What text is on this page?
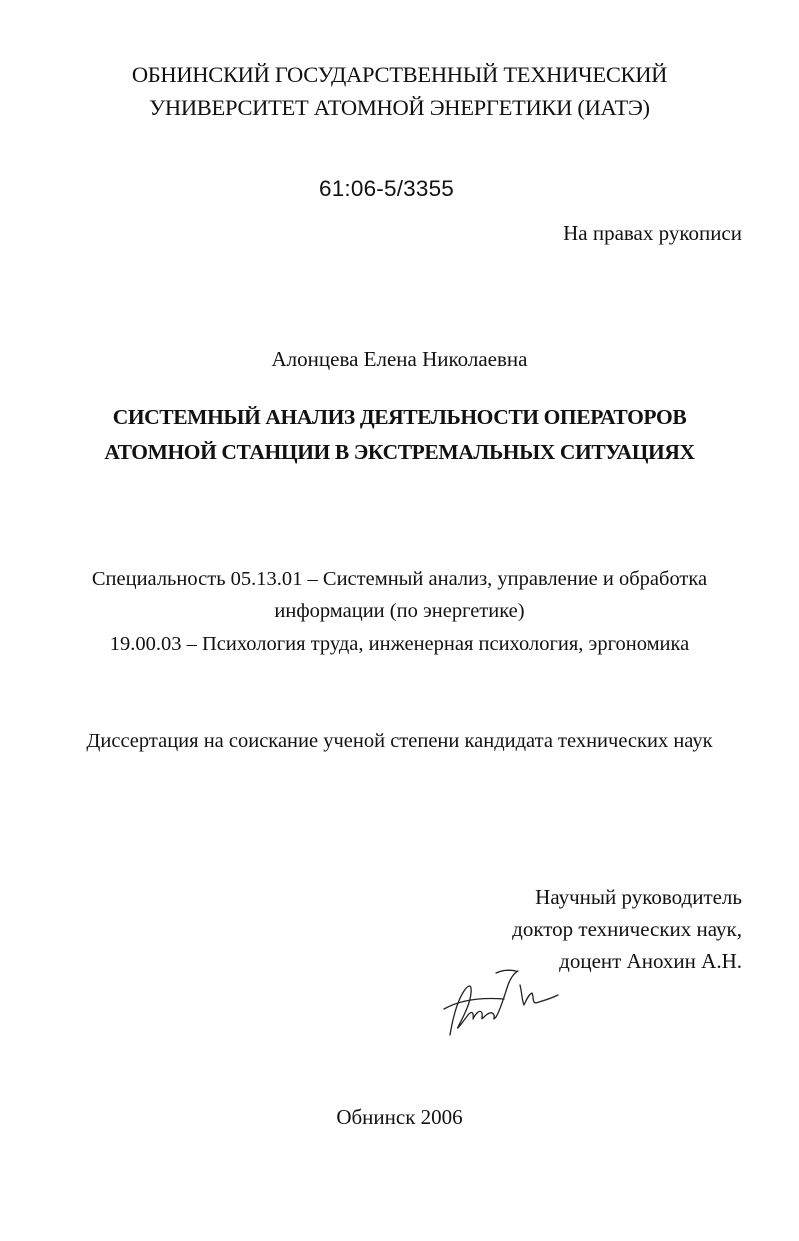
ОБНИНСКИЙ ГОСУДАРСТВЕННЫЙ ТЕХНИЧЕСКИЙ
УНИВЕРСИТЕТ АТОМНОЙ ЭНЕРГЕТИКИ (ИАТЭ)
61:06-5/3355
На правах рукописи
Алонцева Елена Николаевна
СИСТЕМНЫЙ АНАЛИЗ ДЕЯТЕЛЬНОСТИ ОПЕРАТОРОВ
АТОМНОЙ СТАНЦИИ В ЭКСТРЕМАЛЬНЫХ СИТУАЦИЯХ
Специальность 05.13.01 – Системный анализ, управление и обработка
информации (по энергетике)
19.00.03 – Психология труда, инженерная психология, эргономика
Диссертация на соискание ученой степени кандидата технических наук
Научный руководитель
доктор технических наук,
доцент Анохин А.Н.
Обнинск 2006
